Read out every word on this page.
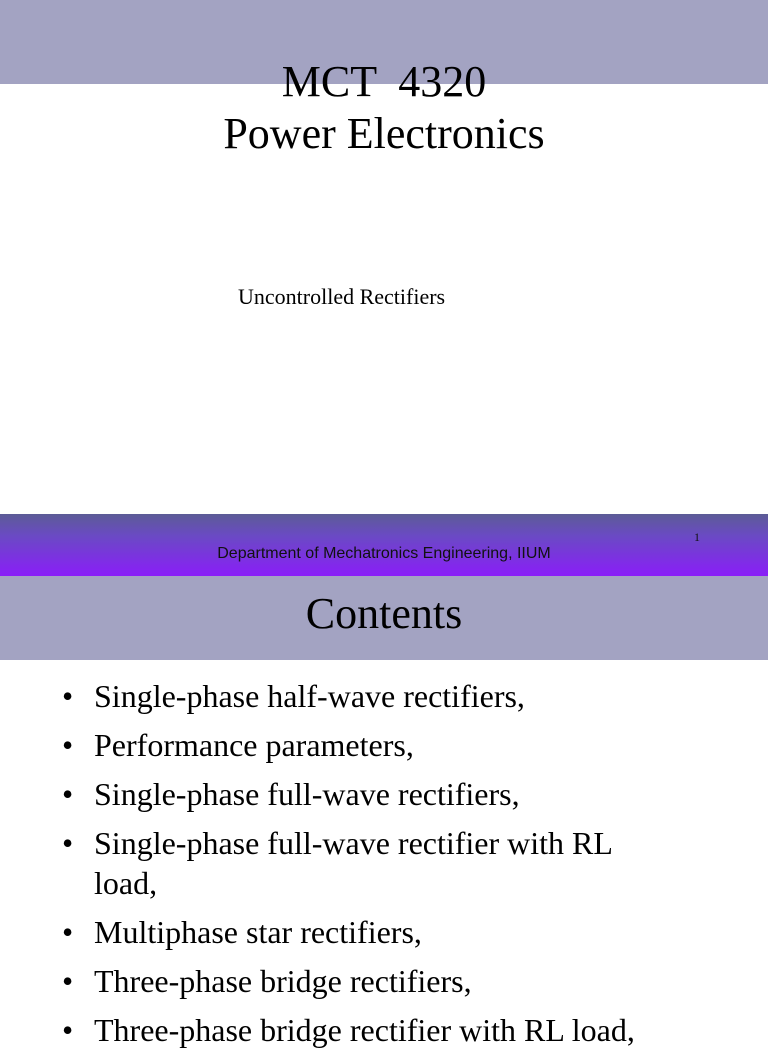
MCT  4320
Power Electronics
Uncontrolled Rectifiers
Department of Mechatronics Engineering, IIUM
1
Contents
• Single-phase half-wave rectifiers,
• Performance parameters,
• Single-phase full-wave rectifiers,
• Single-phase full-wave rectifier with RL load,
• Multiphase star rectifiers,
• Three-phase bridge rectifiers,
• Three-phase bridge rectifier with RL load,
